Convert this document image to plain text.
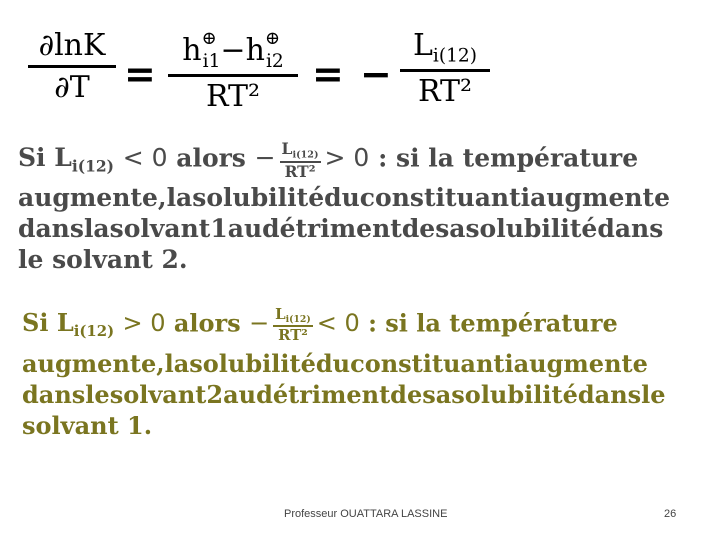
∂lnK
∂T =
$h^\oplus_{i1}-h^\oplus_{i2}$
RT²
= −
$L_{i(12)}$
RT²
Si $L_{i(12)} < 0$ alors − $\frac{L_{i(12)}}{\text{RT²}} > 0$ : si la température
augmente,lasolubilitéduconstituantiaugmente
danslasolvant1audétrimentdesasolubilitédans
le solvant 2.
Si $L_{i(12)} > 0$ alors − $\frac{L_{i(12)}}{\text{RT²}} < 0$ : si la température
augmente,lasolubilitéduconstituantiaugmente
danslesolvant2audétrimentdesasolubilitédansle
solvant 1.
Professeur OUATTARA LASSINE	26
